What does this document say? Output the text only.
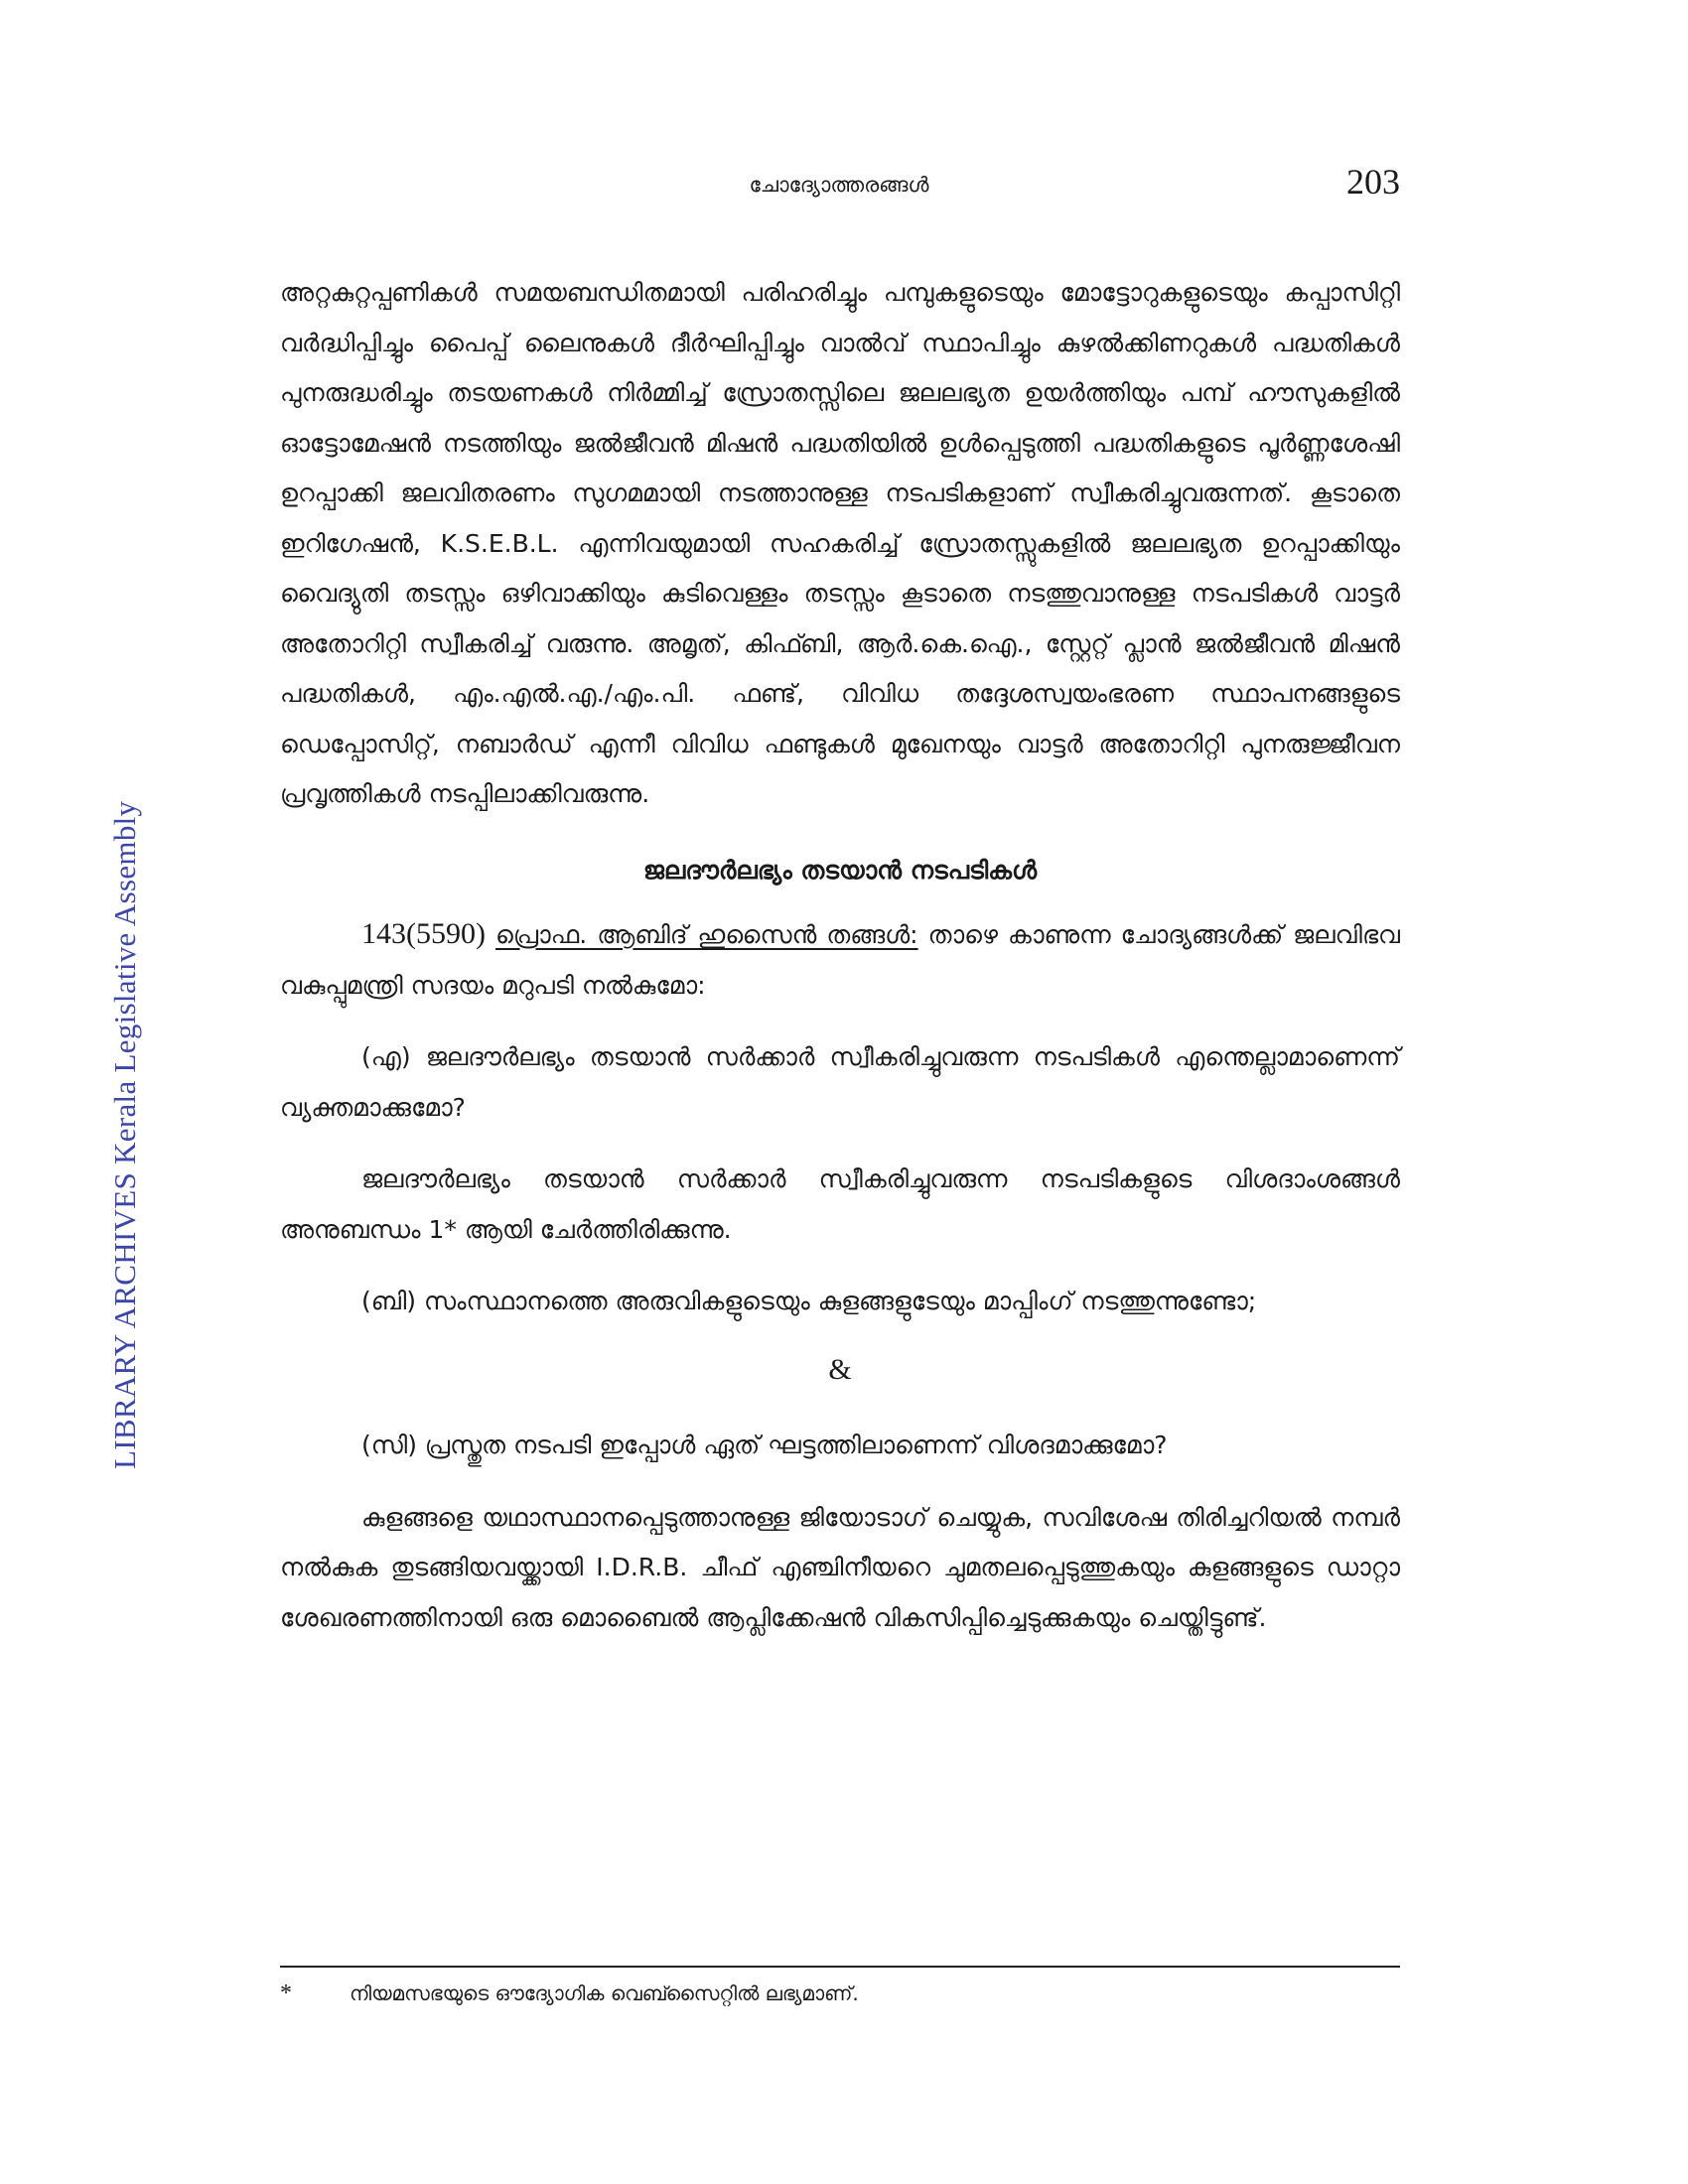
ചോദ്യോത്തരങ്ങൾ	203
LIBRARY ARCHIVES Kerala Legislative Assembly

അറ്റകുറ്റപ്പണികൾ സമയബന്ധിതമായി പരിഹരിച്ചും പമ്പുകളുടെയും മോട്ടോറുകളുടെയും കപ്പാസിറ്റി വർദ്ധിപ്പിച്ചും പൈപ്പ് ലൈനുകൾ ദീർഘിപ്പിച്ചും വാൽവ് സ്ഥാപിച്ചും കുഴൽക്കിണറുകൾ പദ്ധതികൾ പുനരുദ്ധരിച്ചും തടയണകൾ നിർമ്മിച്ച് സ്രോതസ്സിലെ ജലലഭ്യത ഉയർത്തിയും പമ്പ് ഹൗസുകളിൽ ഓട്ടോമേഷൻ നടത്തിയും ജൽജീവൻ മിഷൻ പദ്ധതിയിൽ ഉൾപ്പെടുത്തി പദ്ധതികളുടെ പൂർണ്ണശേഷി ഉറപ്പാക്കി ജലവിതരണം സുഗമമായി നടത്താനുള്ള നടപടികളാണ് സ്വീകരിച്ചുവരുന്നത്. കൂടാതെ ഇറിഗേഷൻ, K.S.E.B.L. എന്നിവയുമായി സഹകരിച്ച് സ്രോതസ്സുകളിൽ ജലലഭ്യത ഉറപ്പാക്കിയും വൈദ്യുതി തടസ്സം ഒഴിവാക്കിയും കുടിവെള്ളം തടസ്സം കൂടാതെ നടത്തുവാനുള്ള നടപടികൾ വാട്ടർ അതോറിറ്റി സ്വീകരിച്ച് വരുന്നു. അമൃത്, കിഫ്ബി, ആർ.കെ.ഐ., സ്റ്റേറ്റ് പ്ലാൻ ജൽജീവൻ മിഷൻ പദ്ധതികൾ, എം.എൽ.എ./എം.പി. ഫണ്ട്, വിവിധ തദ്ദേശസ്വയംഭരണ സ്ഥാപനങ്ങളുടെ ഡെപ്പോസിറ്റ്, നബാർഡ് എന്നീ വിവിധ ഫണ്ടുകൾ മുഖേനയും വാട്ടർ അതോറിറ്റി പുനരുജ്ജീവന പ്രവൃത്തികൾ നടപ്പിലാക്കിവരുന്നു.

ജലദൗർലഭ്യം തടയാൻ നടപടികൾ

143(5590) പ്രൊഫ. ആബിദ് ഹുസൈൻ തങ്ങൾ: താഴെ കാണുന്ന ചോദ്യങ്ങൾക്ക് ജലവിഭവ വകുപ്പുമന്ത്രി സദയം മറുപടി നൽകുമോ:

(എ) ജലദൗർലഭ്യം തടയാൻ സർക്കാർ സ്വീകരിച്ചുവരുന്ന നടപടികൾ എന്തെല്ലാമാണെന്ന് വ്യക്തമാക്കുമോ?

ജലദൗർലഭ്യം തടയാൻ സർക്കാർ സ്വീകരിച്ചുവരുന്ന നടപടികളുടെ വിശദാംശങ്ങൾ അനുബന്ധം 1* ആയി ചേർത്തിരിക്കുന്നു.

(ബി) സംസ്ഥാനത്തെ അരുവികളുടെയും കുളങ്ങളുടേയും മാപ്പിംഗ് നടത്തുന്നുണ്ടോ;

&

(സി) പ്രസ്തുത നടപടി ഇപ്പോൾ ഏത് ഘട്ടത്തിലാണെന്ന് വിശദമാക്കുമോ?

കുളങ്ങളെ യഥാസ്ഥാനപ്പെടുത്താനുള്ള ജിയോടാഗ് ചെയ്യുക, സവിശേഷ തിരിച്ചറിയൽ നമ്പർ നൽകുക തുടങ്ങിയവയ്ക്കായി I.D.R.B. ചീഫ് എഞ്ചിനീയറെ ചുമതലപ്പെടുത്തുകയും കുളങ്ങളുടെ ഡാറ്റാ ശേഖരണത്തിനായി ഒരു മൊബൈൽ ആപ്ലിക്കേഷൻ വികസിപ്പിച്ചെടുക്കുകയും ചെയ്തിട്ടുണ്ട്.

*	നിയമസഭയുടെ ഔദ്യോഗിക വെബ്സൈറ്റിൽ ലഭ്യമാണ്.
